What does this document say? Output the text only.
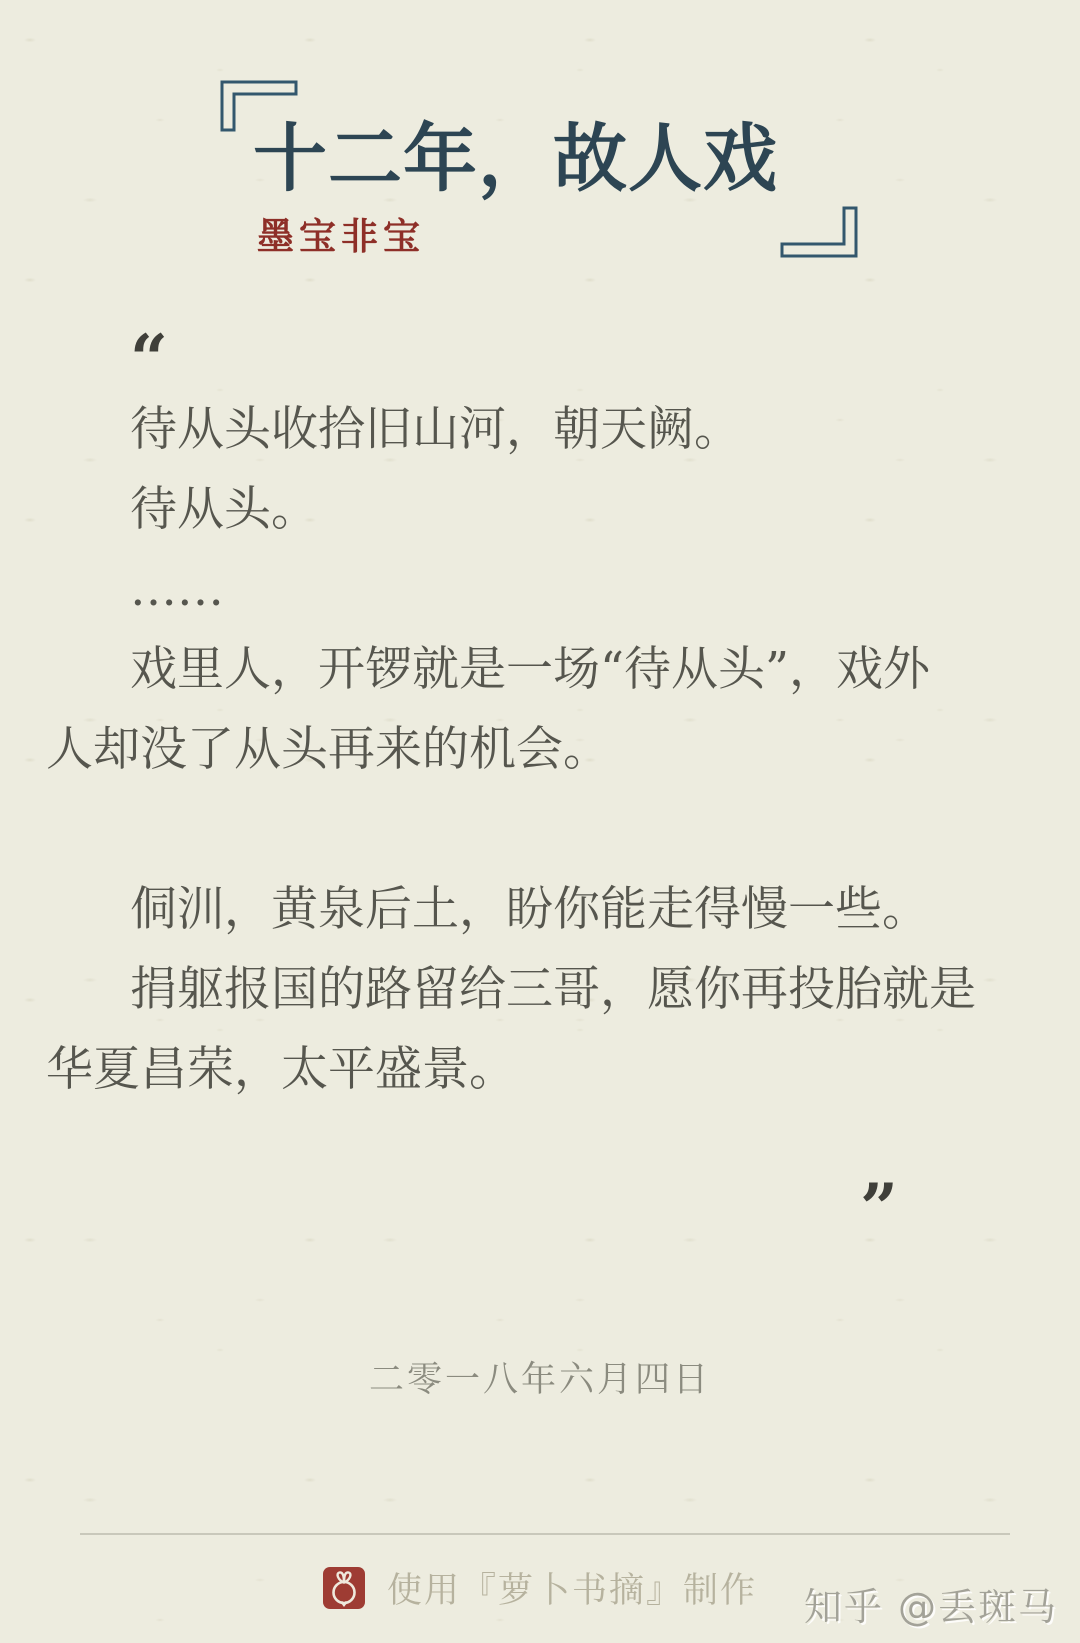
十二年，故人戏
墨宝非宝
“
待从头收拾旧山河，朝天阙。
待从头。
……
戏里人，开锣就是一场“待从头”，戏外
人却没了从头再来的机会。
侗汌，黄泉后土，盼你能走得慢一些。
捐躯报国的路留给三哥，愿你再投胎就是
华夏昌荣，太平盛景。
”
二零一八年六月四日
使用『萝卜书摘』制作 知乎 @丢斑马
